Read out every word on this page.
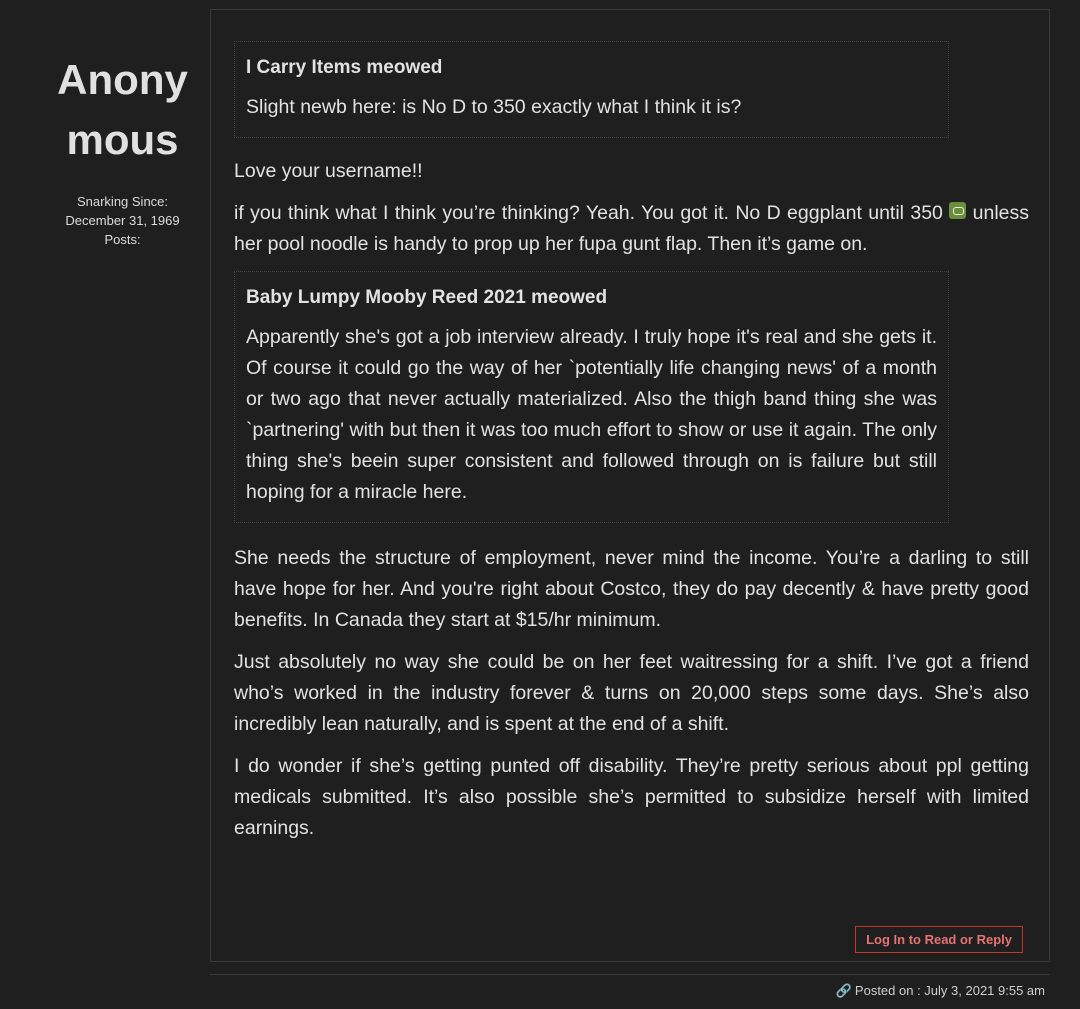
Anonymous
Snarking Since:
December 31, 1969
Posts:
I Carry Items meowed

Slight newb here: is No D to 350 exactly what I think it is?

Love your username!!

if you think what I think you’re thinking? Yeah. You got it. No D eggplant until 350  unless her pool noodle is handy to prop up her fupa gunt flap. Then it’s game on.

Baby Lumpy Mooby Reed 2021 meowed

Apparently she's got a job interview already. I truly hope it's real and she gets it. Of course it could go the way of her `potentially life changing news' of a month or two ago that never actually materialized. Also the thigh band thing she was `partnering' with but then it was too much effort to show or use it again. The only thing she's beein super consistent and followed through on is failure but still hoping for a miracle here.

She needs the structure of employment, never mind the income. You’re a darling to still have hope for her. And you're right about Costco, they do pay decently & have pretty good benefits. In Canada they start at $15/hr minimum.

Just absolutely no way she could be on her feet waitressing for a shift. I’ve got a friend who’s worked in the industry forever & turns on 20,000 steps some days. She’s also incredibly lean naturally, and is spent at the end of a shift.

I do wonder if she’s getting punted off disability. They’re pretty serious about ppl getting medicals submitted. It’s also possible she’s permitted to subsidize herself with limited earnings.

Log In to Read or Reply
🔗 Posted on : July 3, 2021 9:55 am
